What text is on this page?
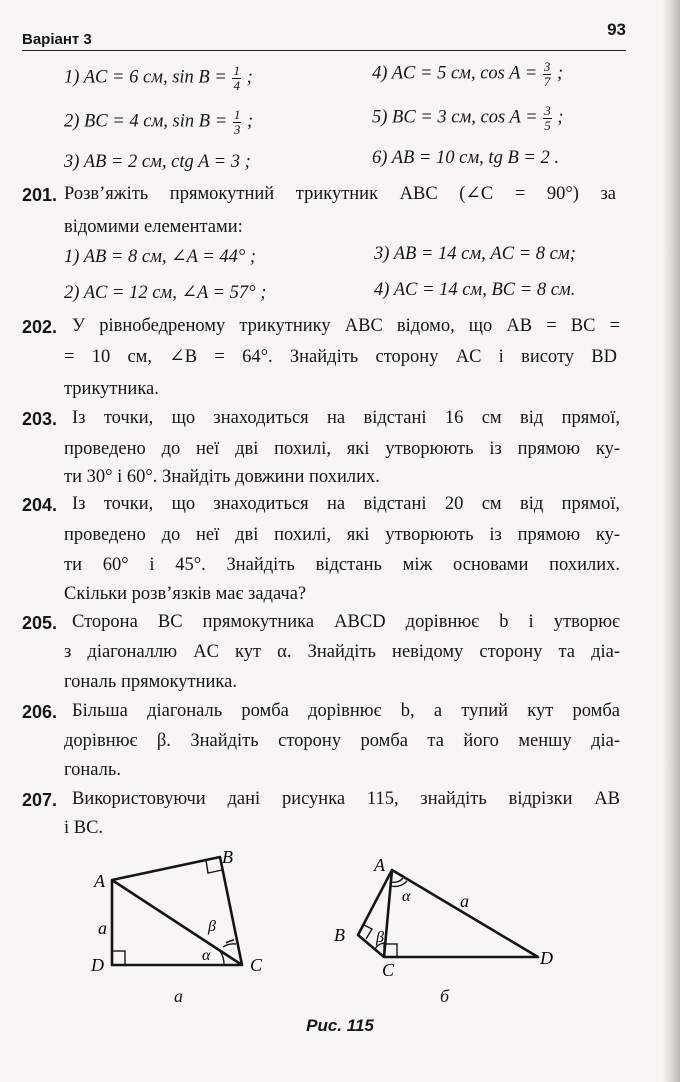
Варіант 3
93
1) AC = 6 см, $\sin B = \frac{1}{4}$ ;	4) AC = 5 см, $\cos A = \frac{3}{7}$ ;
2) BC = 4 см, $\sin B = \frac{1}{3}$ ;	5) BC = 3 см, $\cos A = \frac{3}{5}$ ;
3) AB = 2 см, ctg A = 3 ;	6) AB = 10 см, tg B = 2 .
201. Розв’яжіть прямокутний трикутник ABC (∠C = 90°) за
відомими елементами:
1) AB = 8 см, ∠A = 44° ;	3) AB = 14 см, AC = 8 см;
2) AC = 12 см, ∠A = 57° ;	4) AC = 14 см, BC = 8 см.
202. У рівнобедреному трикутнику ABC відомо, що AB = BC =
= 10 см, ∠B = 64°. Знайдіть сторону AC і висоту BD
трикутника.
203. Із точки, що знаходиться на відстані 16 см від прямої,
проведено до неї дві похилі, які утворюють із прямою ку-
ти 30° і 60°. Знайдіть довжини похилих.
204. Із точки, що знаходиться на відстані 20 см від прямої,
проведено до неї дві похилі, які утворюють із прямою ку-
ти 60° і 45°. Знайдіть відстань між основами похилих.
Скільки розв’язків має задача?
205. Сторона BC прямокутника ABCD дорівнює b і утворює
з діагоналлю AC кут α. Знайдіть невідому сторону та діа-
гональ прямокутника.
206. Більша діагональ ромба дорівнює b, а тупий кут ромба
дорівнює β. Знайдіть сторону ромба та його меншу діа-
гональ.
207. Використовуючи дані рисунка 115, знайдіть відрізки AB
і BC.
A
B
C
D
a
α
β
а
A
B
C
D
a
α
β
б
Рис. 115
